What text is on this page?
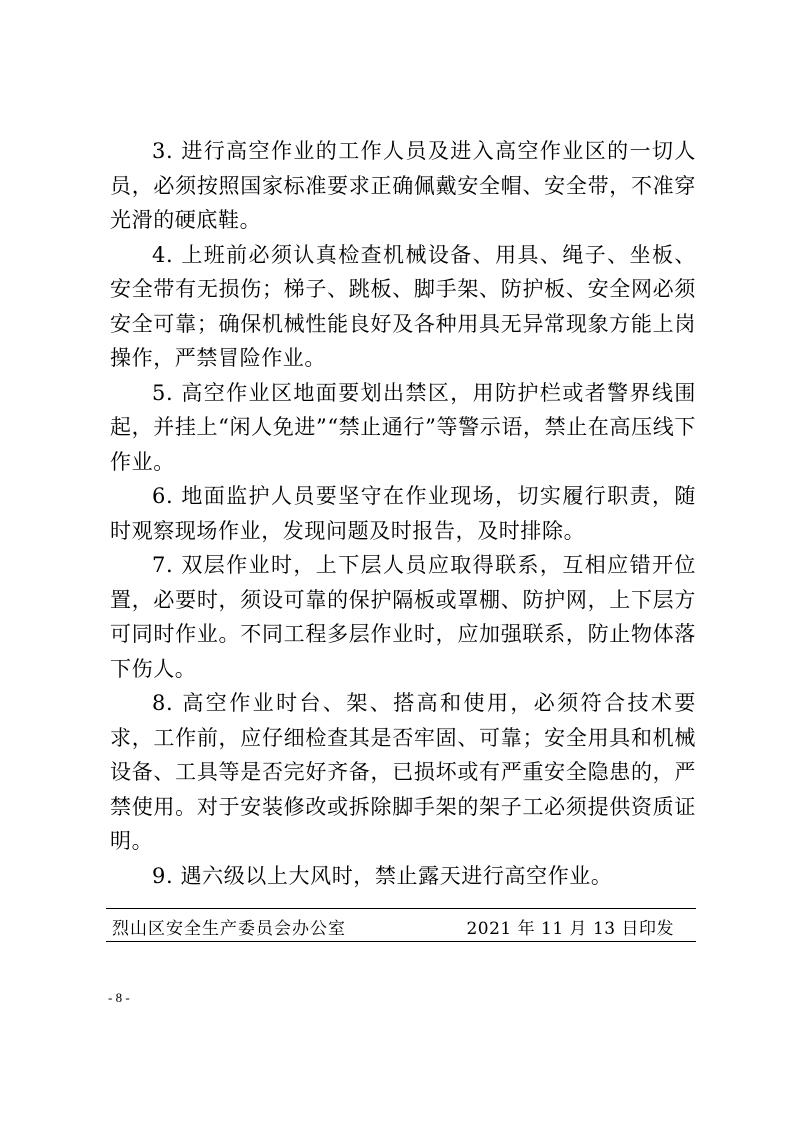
3. 进行高空作业的工作人员及进入高空作业区的一切人员，必须按照国家标准要求正确佩戴安全帽、安全带，不准穿光滑的硬底鞋。

4. 上班前必须认真检查机械设备、用具、绳子、坐板、安全带有无损伤；梯子、跳板、脚手架、防护板、安全网必须安全可靠；确保机械性能良好及各种用具无异常现象方能上岗操作，严禁冒险作业。

5. 高空作业区地面要划出禁区，用防护栏或者警界线围起，并挂上“闲人免进”“禁止通行”等警示语，禁止在高压线下作业。

6. 地面监护人员要坚守在作业现场，切实履行职责，随时观察现场作业，发现问题及时报告，及时排除。

7. 双层作业时，上下层人员应取得联系，互相应错开位置，必要时，须设可靠的保护隔板或罩棚、防护网，上下层方可同时作业。不同工程多层作业时，应加强联系，防止物体落下伤人。

8. 高空作业时台、架、搭高和使用，必须符合技术要求，工作前，应仔细检查其是否牢固、可靠；安全用具和机械设备、工具等是否完好齐备，已损坏或有严重安全隐患的，严禁使用。对于安装修改或拆除脚手架的架子工必须提供资质证明。

9. 遇六级以上大风时，禁止露天进行高空作业。

烈山区安全生产委员会办公室	2021 年 11 月 13 日印发
- 8 -
